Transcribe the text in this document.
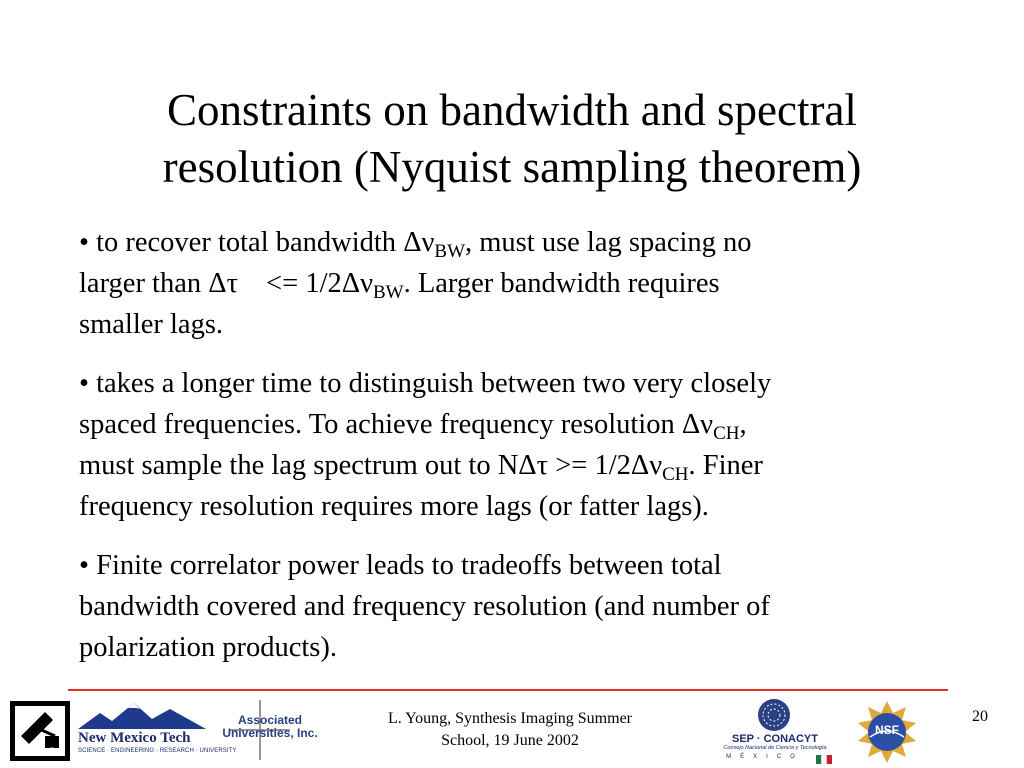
Constraints on bandwidth and spectral
resolution (Nyquist sampling theorem)

• to recover total bandwidth $\Delta\nu_{BW}$, must use lag spacing no
larger than $\Delta\tau <= 1/2\Delta\nu_{BW}$. Larger bandwidth requires
smaller lags.

• takes a longer time to distinguish between two very closely
spaced frequencies. To achieve frequency resolution $\Delta\nu_{CH}$,
must sample the lag spectrum out to $N\Delta\tau >= 1/2\Delta\nu_{CH}$. Finer
frequency resolution requires more lags (or fatter lags).

• Finite correlator power leads to tradeoffs between total
bandwidth covered and frequency resolution (and number of
polarization products).

NRAO
New Mexico Tech
SCIENCE · ENGINEERING · RESEARCH · UNIVERSITY
Associated
Universities, Inc.
L. Young, Synthesis Imaging Summer
School, 19 June 2002	SEP · CONACYT
Consejo Nacional de Ciencia y Tecnología
MÉXICO
NSF
20
